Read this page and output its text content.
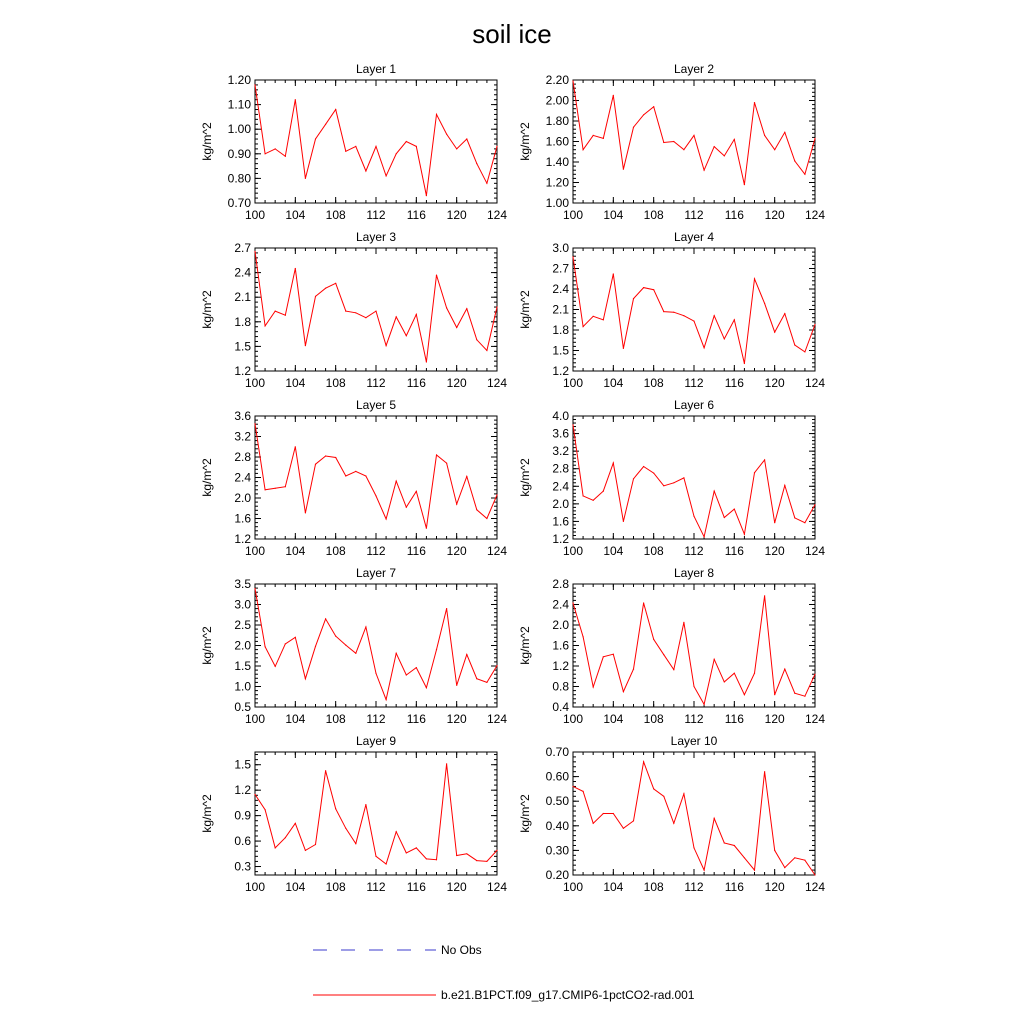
soil ice
Layer 1
100 104 108 112 116 120 124
0.70
0.80
0.90
1.00
1.10
1.20
kg/m^2
Layer 2
100 104 108 112 116 120 124
1.00
1.20
1.40
1.60
1.80
2.00
2.20
kg/m^2
Layer 3
100 104 108 112 116 120 124
1.2
1.5
1.8
2.1
2.4
2.7
kg/m^2
Layer 4
100 104 108 112 116 120 124
1.2
1.5
1.8
2.1
2.4
2.7
3.0
kg/m^2
Layer 5
100 104 108 112 116 120 124
1.2
1.6
2.0
2.4
2.8
3.2
3.6
kg/m^2
Layer 6
100 104 108 112 116 120 124
1.2
1.6
2.0
2.4
2.8
3.2
3.6
4.0
kg/m^2
Layer 7
100 104 108 112 116 120 124
0.5
1.0
1.5
2.0
2.5
3.0
3.5
kg/m^2
Layer 8
100 104 108 112 116 120 124
0.4
0.8
1.2
1.6
2.0
2.4
2.8
kg/m^2
Layer 9
100 104 108 112 116 120 124
0.3
0.6
0.9
1.2
1.5
kg/m^2
Layer 10
100 104 108 112 116 120 124
0.20
0.30
0.40
0.50
0.60
0.70
kg/m^2
No Obs
b.e21.B1PCT.f09_g17.CMIP6-1pctCO2-rad.001
